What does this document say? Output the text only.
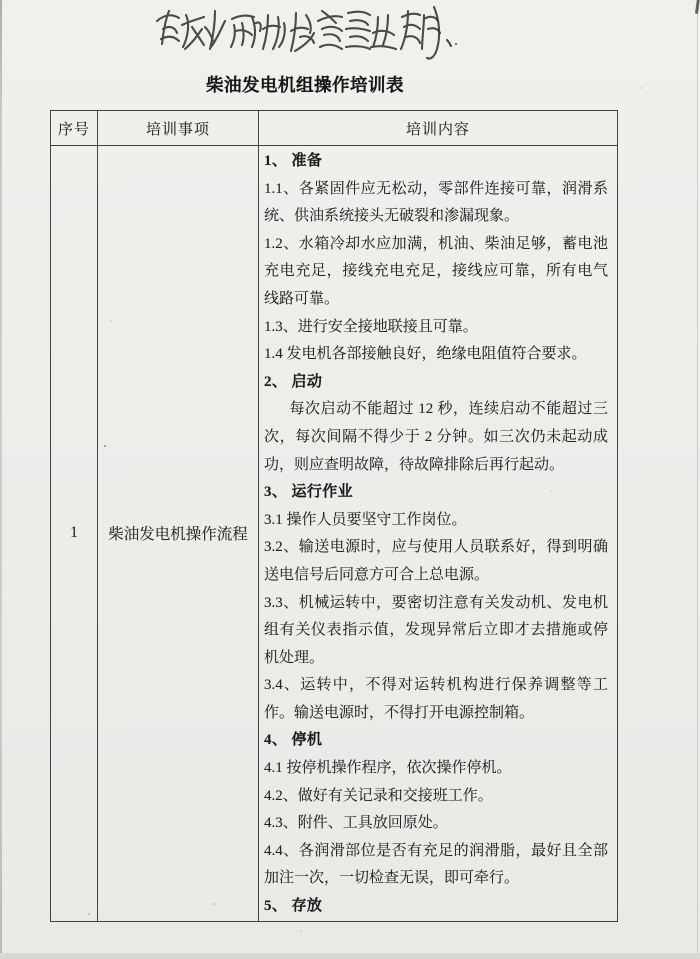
柴油发电机组操作培训表
序号	培训事项	培训内容
1	柴油发电机操作流程	

1、 准备

1.1、各紧固件应无松动，零部件连接可靠，润滑系统、供油系统接头无破裂和渗漏现象。

1.2、水箱冷却水应加满，机油、柴油足够，蓄电池充电充足，接线充电充足，接线应可靠，所有电气线路可靠。

1.3、进行安全接地联接且可靠。

1.4 发电机各部接触良好，绝缘电阻值符合要求。

2、 启动

每次启动不能超过 12 秒，连续启动不能超过三次，每次间隔不得少于 2 分钟。如三次仍未起动成功，则应查明故障，待故障排除后再行起动。

3、 运行作业

3.1 操作人员要坚守工作岗位。

3.2、输送电源时，应与使用人员联系好，得到明确送电信号后同意方可合上总电源。

3.3、机械运转中，要密切注意有关发动机、发电机组有关仪表指示值，发现异常后立即才去措施或停机处理。

3.4、运转中，不得对运转机构进行保养调整等工作。输送电源时，不得打开电源控制箱。

4、 停机

4.1 按停机操作程序，依次操作停机。

4.2、做好有关记录和交接班工作。

4.3、附件、工具放回原处。

4.4、各润滑部位是否有充足的润滑脂，最好且全部加注一次，一切检查无误，即可牵行。

5、 存放
